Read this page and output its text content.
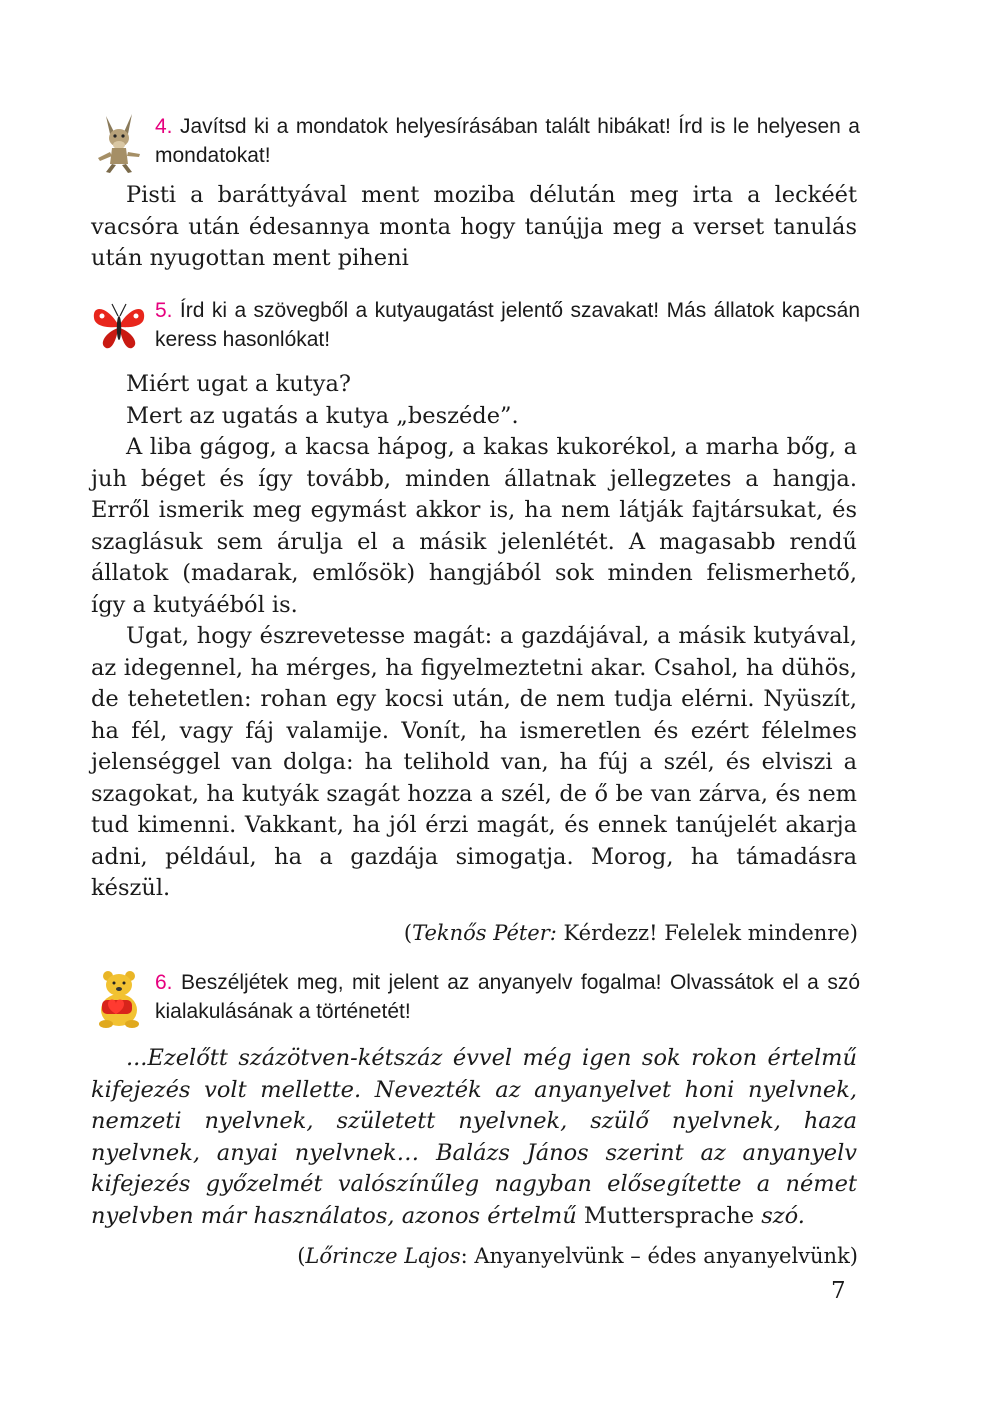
4. Javítsd ki a mondatok helyesírásában talált hibákat! Írd is le helyesen a mondatokat!

Pisti a baráttyával ment moziba délután meg irta a leckéét vacsóra után édesannya monta hogy tanújja meg a verset tanulás után nyugottan ment piheni

5. Írd ki a szövegből a kutyaugatást jelentő szavakat! Más állatok kapcsán keress hasonlókat!

Miért ugat a kutya?

Mert az ugatás a kutya „beszéde”.

A liba gágog, a kacsa hápog, a kakas kukorékol, a marha bőg, a juh béget és így tovább, minden állatnak jellegzetes a hangja. Erről ismerik meg egymást akkor is, ha nem látják fajtársukat, és szaglásuk sem árulja el a másik jelenlétét. A magasabb rendű állatok (madarak, emlősök) hangjából sok minden felismerhető, így a kutyáéból is.

Ugat, hogy észrevetesse magát: a gazdájával, a másik kutyával, az idegennel, ha mérges, ha figyelmeztetni akar. Csahol, ha dühös, de tehetetlen: rohan egy kocsi után, de nem tudja elérni. Nyüszít, ha fél, vagy fáj valamije. Vonít, ha ismeretlen és ezért félelmes jelenséggel van dolga: ha telihold van, ha fúj a szél, és elviszi a szagokat, ha kutyák szagát hozza a szél, de ő be van zárva, és nem tud kimenni. Vakkant, ha jól érzi magát, és ennek tanújelét akarja adni, például, ha a gazdája simogatja. Morog, ha támadásra készül.

(Teknős Péter: Kérdezz! Felelek mindenre)
6. Beszéljétek meg, mit jelent az anyanyelv fogalma! Olvassátok el a szó kialakulásának a történetét!

...Ezelőtt százötven-kétszáz évvel még igen sok rokon értelmű kifejezés volt mellette. Nevezték az anyanyelvet honi nyelvnek, nemzeti nyelvnek, született nyelvnek, szülő nyelvnek, haza nyelvnek, anyai nyelvnek… Balázs János szerint az anyanyelv kifejezés győzelmét valószínűleg nagyban elősegítette a német nyelvben már használatos, azonos értelmű Muttersprache szó.

(Lőrincze Lajos: Anyanyelvünk – édes anyanyelvünk)
7
